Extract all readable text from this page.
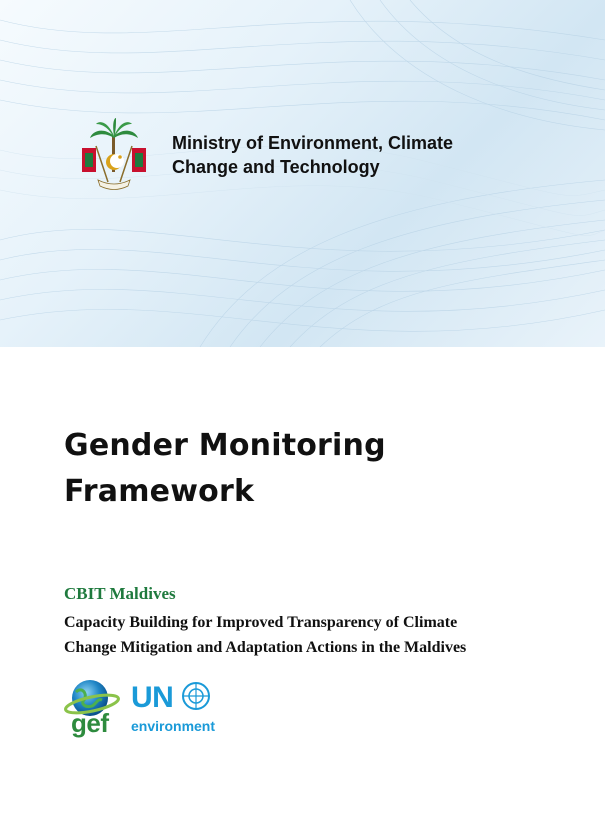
Ministry of Environment, Climate
Change and Technology
Gender Monitoring
Framework
CBIT Maldives
Capacity Building for Improved Transparency of Climate
Change Mitigation and Adaptation Actions in the Maldives
gef
UN
environment
